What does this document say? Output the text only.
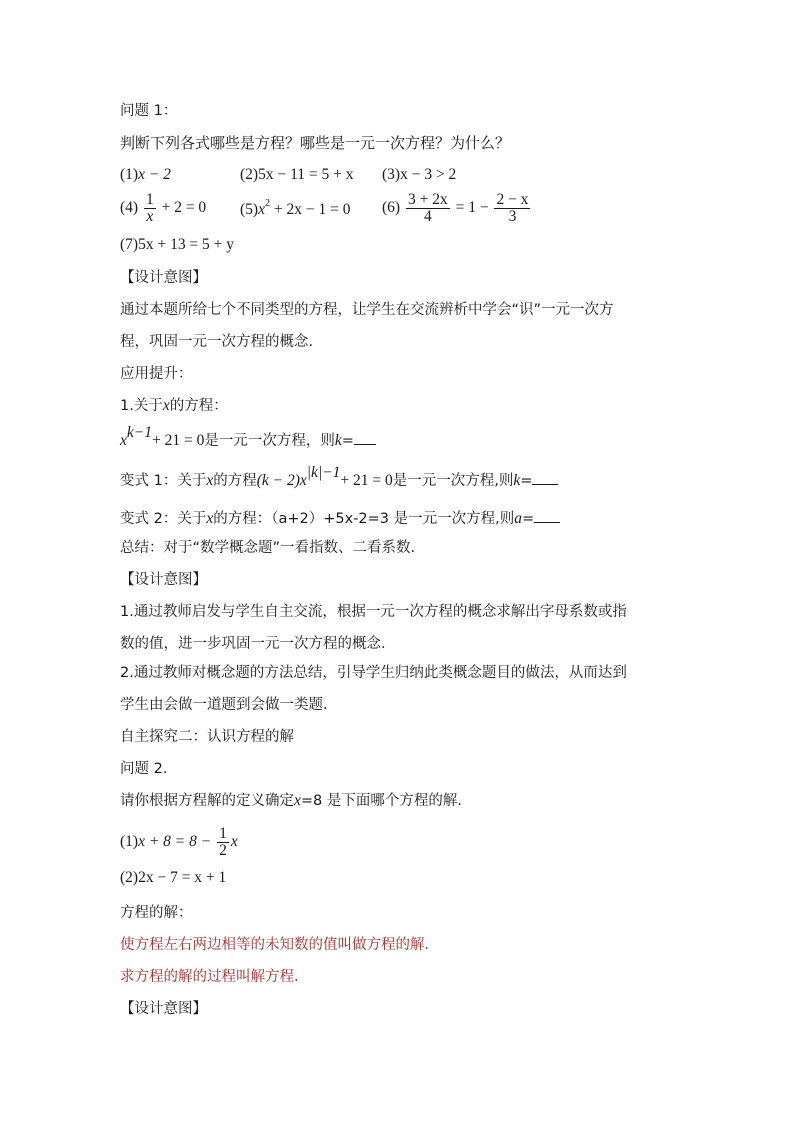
问题 1：
判断下列各式哪些是方程？哪些是一元一次方程？为什么？
(1)x − 2	(2)5x − 11 = 5 + x (3)x − 3 > 2
$(4) \frac{1}{x} + 2 = 0$ $(5)x^2 + 2x - 1 = 0$ $(6) \frac{3 + 2x}{4} = 1 - \frac{2 - x}{3}$
(7)5x + 13 = 5 + y
【设计意图】
通过本题所给七个不同类型的方程，让学生在交流辨析中学会“识”一元一次方
程，巩固一元一次方程的概念.
应用提升：
1.关于x的方程：
$x^{k-1}+ 21 = 0$是一元一次方程，则k=
变式 1：关于x的方程$(k - 2)x^{|k|-1}+ 21 = 0$是一元一次方程,则k=
变式 2：关于x的方程：（a+2）+5x-2=3 是一元一次方程,则a=
总结：对于“数学概念题”一看指数、二看系数.
【设计意图】
1.通过教师启发与学生自主交流，根据一元一次方程的概念求解出字母系数或指
数的值，进一步巩固一元一次方程的概念.
2.通过教师对概念题的方法总结，引导学生归纳此类概念题目的做法，从而达到
学生由会做一道题到会做一类题.
自主探究二：认识方程的解
问题 2.
请你根据方程解的定义确定x=8 是下面哪个方程的解.
$(1)x + 8 = 8 - \frac{1}{2}$ x
(2)2x − 7 = x + 1
方程的解：
使方程左右两边相等的未知数的值叫做方程的解.
求方程的解的过程叫解方程.
【设计意图】
